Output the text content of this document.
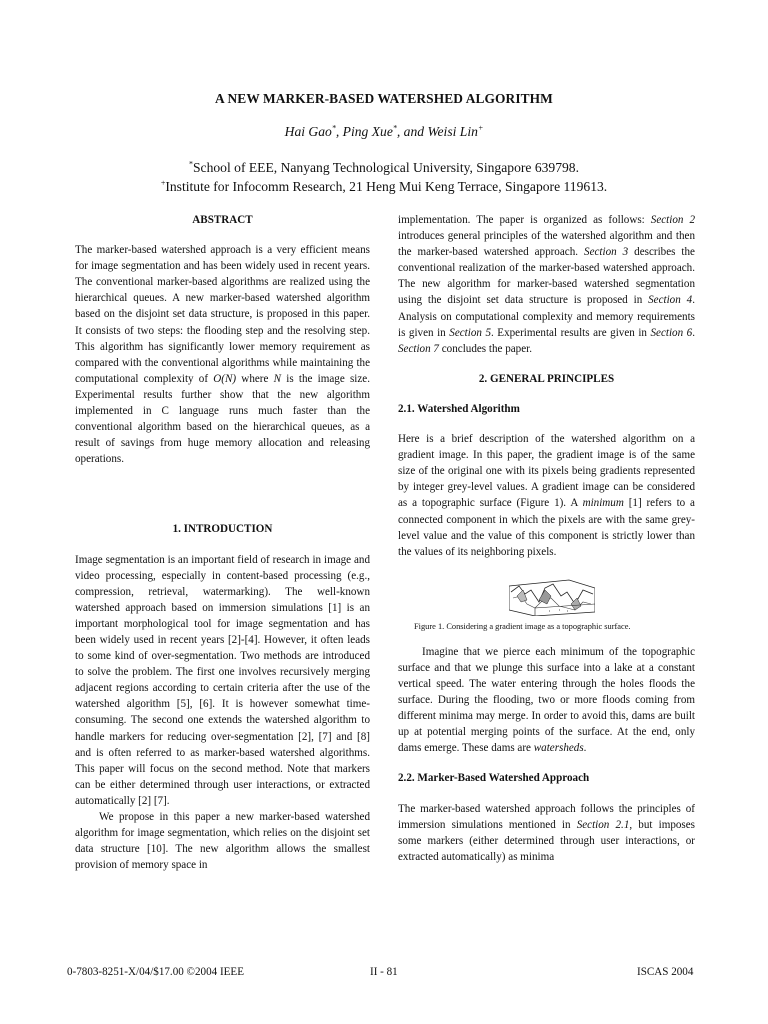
A NEW MARKER-BASED WATERSHED ALGORITHM
Hai Gao*, Ping Xue*, and Weisi Lin+
*School of EEE, Nanyang Technological University, Singapore 639798.
+Institute for Infocomm Research, 21 Heng Mui Keng Terrace, Singapore 119613.

ABSTRACT

The marker-based watershed approach is a very efficient means for image segmentation and has been widely used in recent years. The conventional marker-based algorithms are realized using the hierarchical queues. A new marker-based watershed algorithm based on the disjoint set data structure, is proposed in this paper. It consists of two steps: the flooding step and the resolving step. This algorithm has significantly lower memory requirement as compared with the conventional algorithms while maintaining the computational complexity of O(N) where N is the image size. Experimental results further show that the new algorithm implemented in C language runs much faster than the conventional algorithm based on the hierarchical queues, as a result of savings from huge memory allocation and releasing operations.

1. INTRODUCTION

Image segmentation is an important field of research in image and video processing, especially in content-based processing (e.g., compression, retrieval, watermarking). The well-known watershed approach based on immersion simulations [1] is an important morphological tool for image segmentation and has been widely used in recent years [2]-[4]. However, it often leads to some kind of over-segmentation. Two methods are introduced to solve the problem. The first one involves recursively merging adjacent regions according to certain criteria after the use of the watershed algorithm [5], [6]. It is however somewhat time-consuming. The second one extends the watershed algorithm to handle markers for reducing over-segmentation [2], [7] and [8] and is often referred to as marker-based watershed algorithms. This paper will focus on the second method. Note that markers can be either determined through user interactions, or extracted automatically [2] [7].

We propose in this paper a new marker-based watershed algorithm for image segmentation, which relies on the disjoint set data structure [10]. The new algorithm allows the smallest provision of memory space in

implementation. The paper is organized as follows: Section 2 introduces general principles of the watershed algorithm and then the marker-based watershed approach. Section 3 describes the conventional realization of the marker-based watershed approach. The new algorithm for marker-based watershed segmentation using the disjoint set data structure is proposed in Section 4. Analysis on computational complexity and memory requirements is given in Section 5. Experimental results are given in Section 6. Section 7 concludes the paper.

2. GENERAL PRINCIPLES

2.1. Watershed Algorithm

Here is a brief description of the watershed algorithm on a gradient image. In this paper, the gradient image is of the same size of the original one with its pixels being gradients represented by integer grey-level values. A gradient image can be considered as a topographic surface (Figure 1). A minimum [1] refers to a connected component in which the pixels are with the same grey-level value and the value of this component is strictly lower than the values of its neighboring pixels.

Figure 1. Considering a gradient image as a topographic surface.

Imagine that we pierce each minimum of the topographic surface and that we plunge this surface into a lake at a constant vertical speed. The water entering through the holes floods the surface. During the flooding, two or more floods coming from different minima may merge. In order to avoid this, dams are built up at potential merging points of the surface. At the end, only dams emerge. These dams are watersheds.

2.2. Marker-Based Watershed Approach

The marker-based watershed approach follows the principles of immersion simulations mentioned in Section 2.1, but imposes some markers (either determined through user interactions, or extracted automatically) as minima

0-7803-8251-X/04/$17.00 ©2004 IEEE	II - 81	ISCAS 2004
